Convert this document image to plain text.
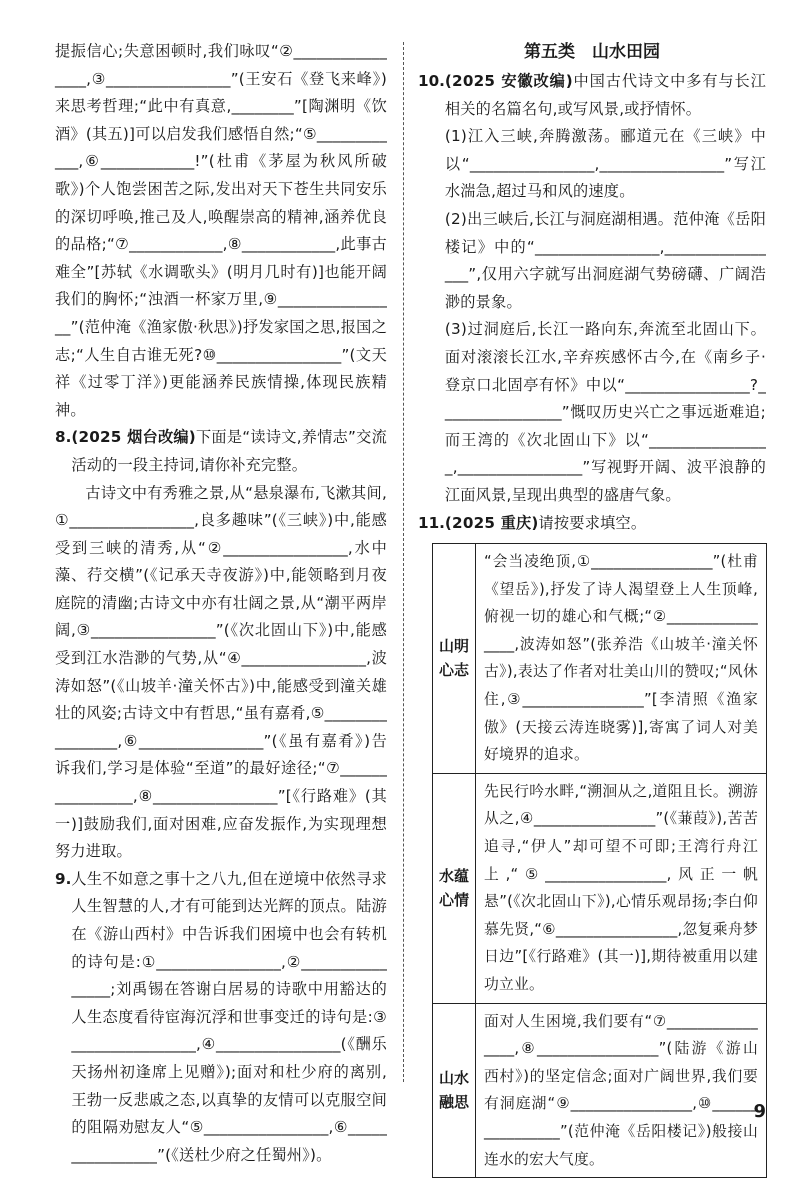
提振信心;失意困顿时,我们咏叹“②________________,③________________”(王安石《登飞来峰》)来思考哲理;“此中有真意,________”[陶渊明《饮酒》(其五)]可以启发我们感悟自然;“⑤____________,⑥____________!”(杜甫《茅屋为秋风所破歌》)个人饱尝困苦之际,发出对天下苍生共同安乐的深切呼唤,推己及人,唤醒崇高的精神,涵养优良的品格;“⑦____________,⑧____________,此事古难全”[苏轼《水调歌头》(明月几时有)]也能开阔我们的胸怀;“浊酒一杯家万里,⑨________________”(范仲淹《渔家傲·秋思》)抒发家国之思,报国之志;“人生自古谁无死?⑩________________”(文天祥《过零丁洋》)更能涵养民族情操,体现民族精神。

8. (2025 烟台改编)下面是“读诗文,养情志”交流活动的一段主持词,请你补充完整。

古诗文中有秀雅之景,从“悬泉瀑布,飞漱其间,①________________,良多趣味”(《三峡》)中,能感受到三峡的清秀,从“②________________,水中藻、荇交横”(《记承天寺夜游》)中,能领略到月夜庭院的清幽;古诗文中亦有壮阔之景,从“潮平两岸阔,③________________”(《次北固山下》)中,能感受到江水浩渺的气势,从“④________________,波涛如怒”(《山坡羊·潼关怀古》)中,能感受到潼关雄壮的风姿;古诗文中有哲思,“虽有嘉肴,⑤________________,⑥________________”(《虽有嘉肴》)告诉我们,学习是体验“至道”的最好途径;“⑦________________,⑧________________”[《行路难》(其一)]鼓励我们,面对困难,应奋发振作,为实现理想努力进取。

9. 人生不如意之事十之八九,但在逆境中依然寻求人生智慧的人,才有可能到达光辉的顶点。陆游在《游山西村》中告诉我们困境中也会有转机的诗句是:①________________,②________________;刘禹锡在答谢白居易的诗歌中用豁达的人生态度看待宦海沉浮和世事变迁的诗句是:③________________,④________________(《酬乐天扬州初逢席上见赠》);面对和杜少府的离别,王勃一反悲戚之态,以真挚的友情可以克服空间的阻隔劝慰友人“⑤________________,⑥________________”(《送杜少府之任蜀州》)。

第五类　山水田园

10. (2025 安徽改编)中国古代诗文中多有与长江相关的名篇名句,或写风景,或抒情怀。

(1)江入三峡,奔腾激荡。郦道元在《三峡》中以“________________,________________”写江水湍急,超过马和风的速度。

(2)出三峡后,长江与洞庭湖相遇。范仲淹《岳阳楼记》中的“________________,________________”,仅用六字就写出洞庭湖气势磅礴、广阔浩渺的景象。

(3)过洞庭后,长江一路向东,奔流至北固山下。面对滚滚长江水,辛弃疾感怀古今,在《南乡子·登京口北固亭有怀》中以“________________?________________”慨叹历史兴亡之事远逝难追;而王湾的《次北固山下》以“________________,________________”写视野开阔、波平浪静的江面风景,呈现出典型的盛唐气象。

11. (2025 重庆)请按要求填空。

山明
心志	“会当凌绝顶,①________________”(杜甫《望岳》),抒发了诗人渴望登上人生顶峰,俯视一切的雄心和气概;“②________________,波涛如怒”(张养浩《山坡羊·潼关怀古》),表达了作者对壮美山川的赞叹;“风休住,③________________”[李清照《渔家傲》(天接云涛连晓雾)],寄寓了词人对美好境界的追求。

水蕴
心情	先民行吟水畔,“溯洄从之,道阻且长。溯游从之,④________________”(《蒹葭》),苦苦追寻,“伊人”却可望不可即;王湾行舟江上,“⑤________________,风正一帆悬”(《次北固山下》),心情乐观昂扬;李白仰慕先贤,“⑥________________,忽复乘舟梦日边”[《行路难》(其一)],期待被重用以建功立业。

山水
融思	面对人生困境,我们要有“⑦________________,⑧________________”(陆游《游山西村》)的坚定信念;面对广阔世界,我们要有洞庭湖“⑨________________,⑩________________”(范仲淹《岳阳楼记》)般接山连水的宏大气度。

9
